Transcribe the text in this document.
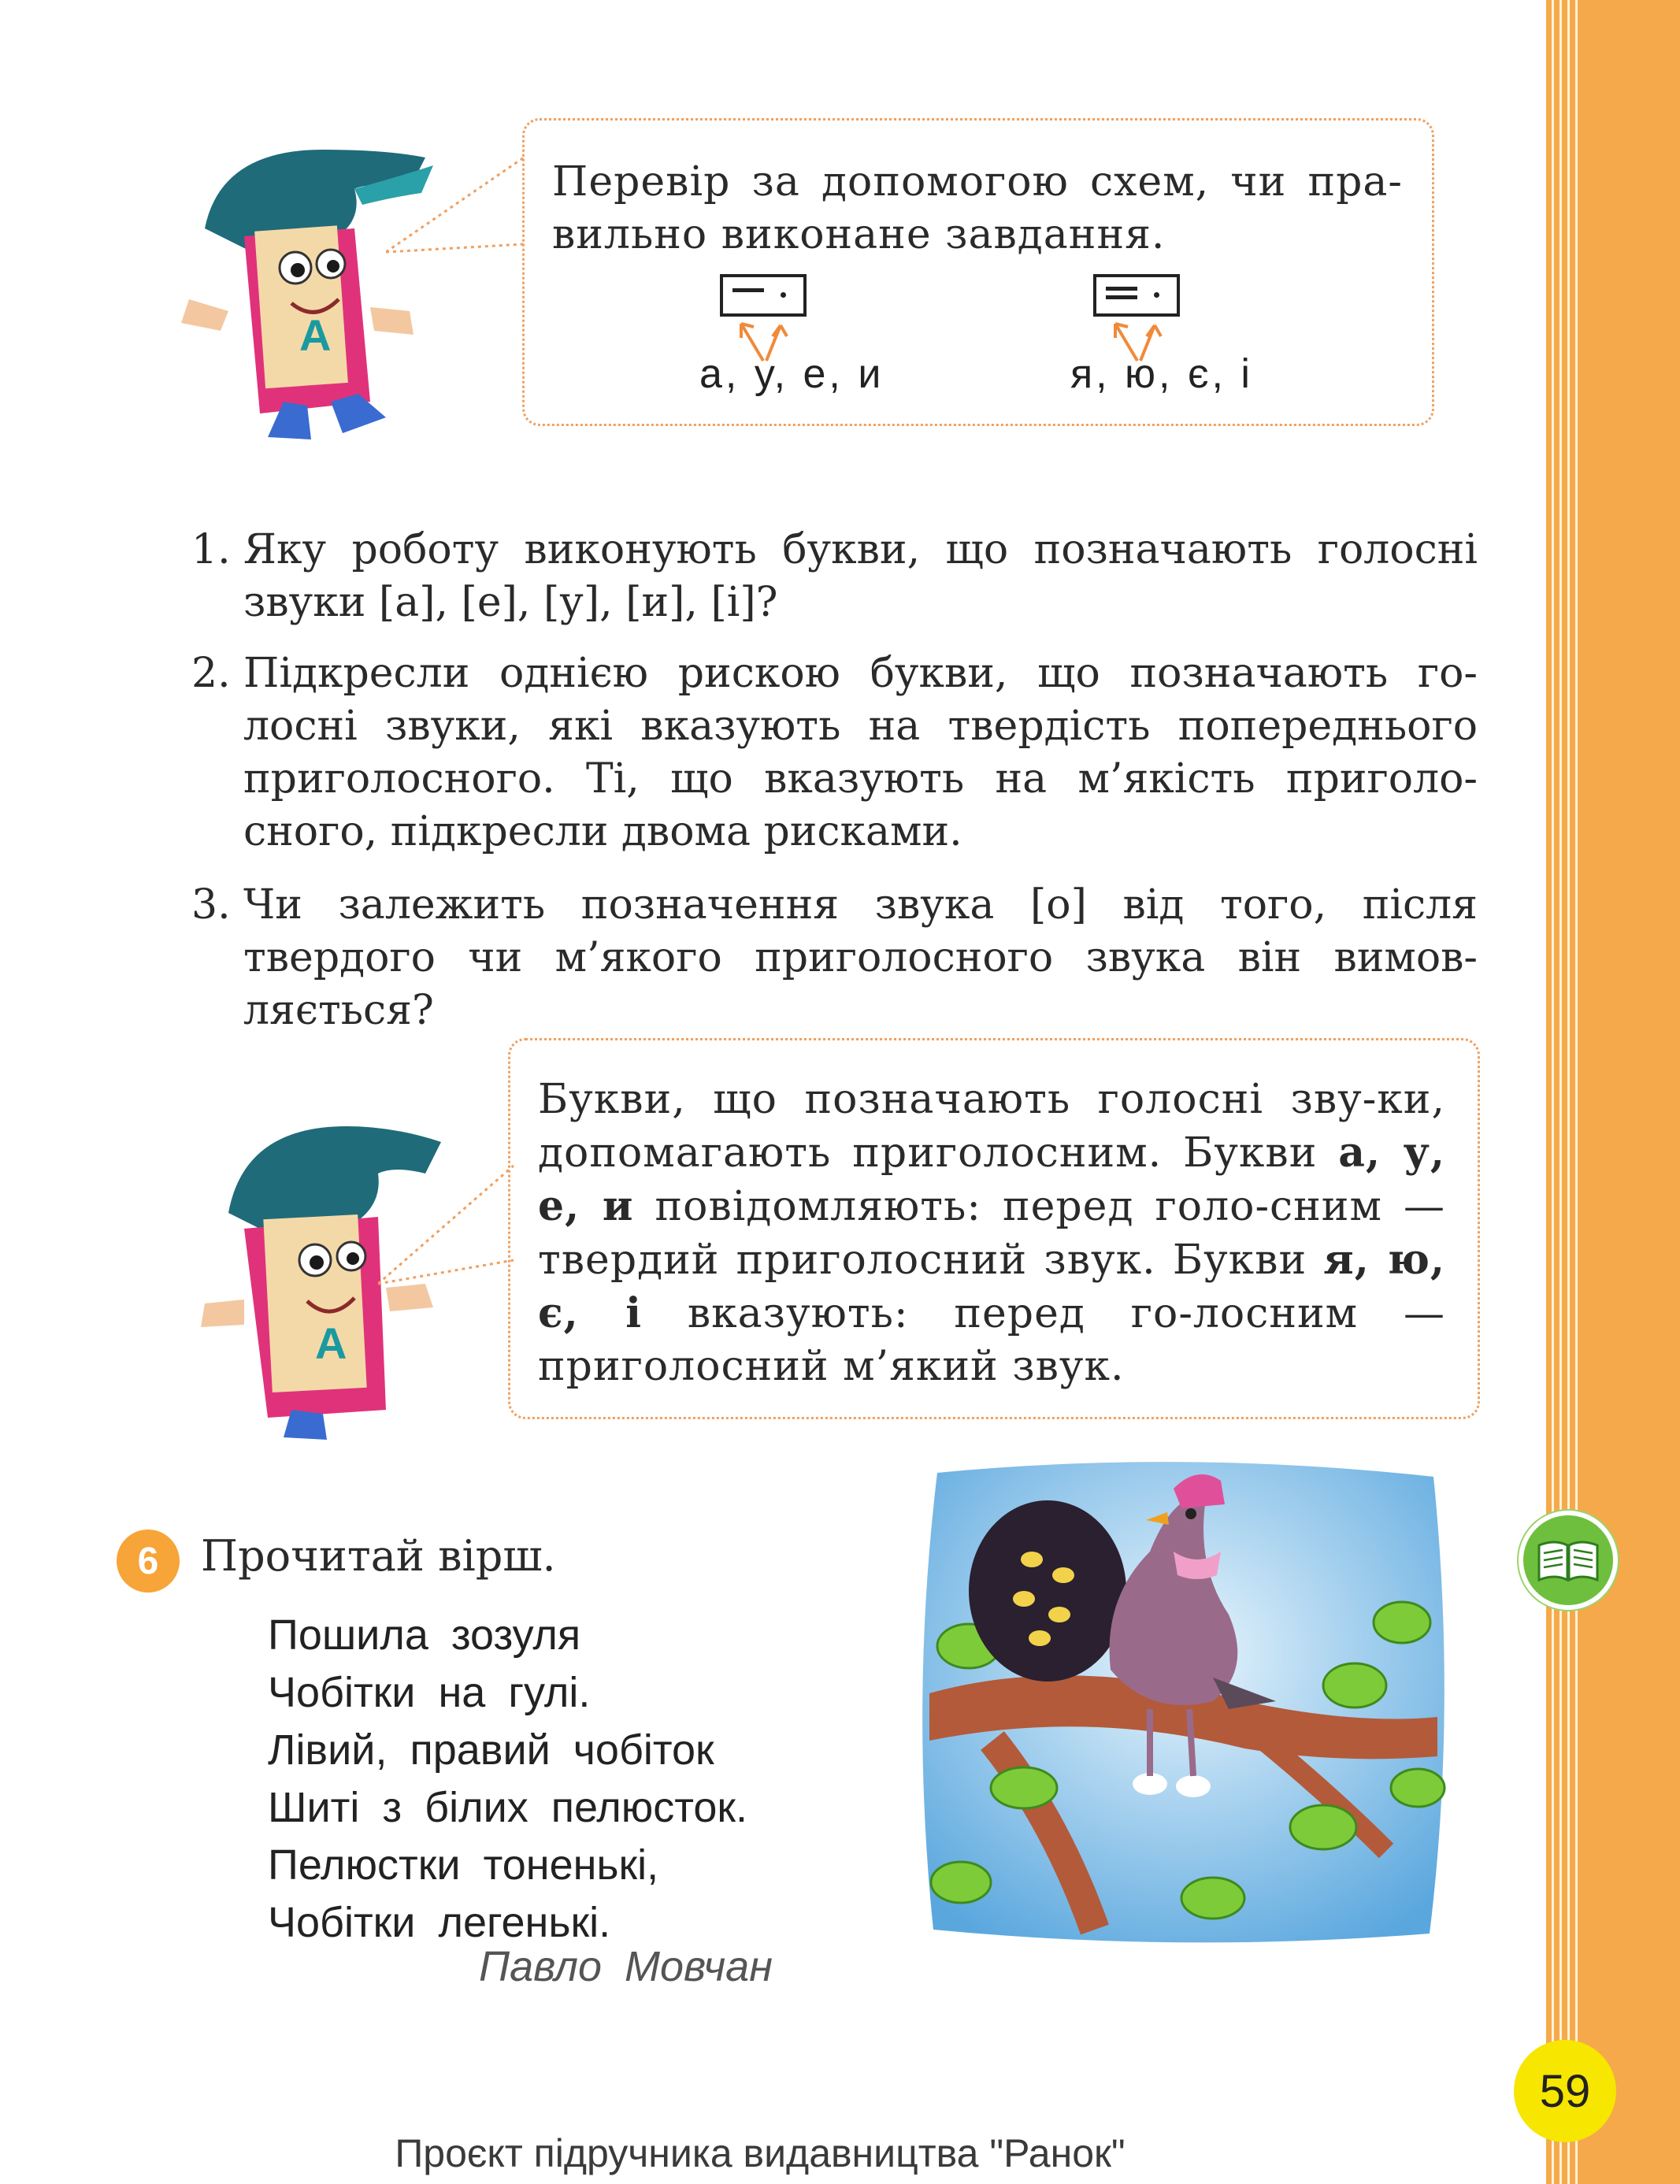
А

Перевір за допомогою схем, чи пра-вильно виконане завдання.

а, у, е, и	я, ю, є, і
1. Яку роботу виконують букви, що позначають голосні звуки [а], [е], [у], [и], [і]?
2. Підкресли однією рискою букви, що позначають го-лосні звуки, які вказують на твердість попереднього приголосного. Ті, що вказують на м’якість приголо-сного, підкресли двома рисками.
3. Чи залежить позначення звука [о] від того, після твердого чи м’якого приголосного звука він вимов-ляється?
А

Букви, що позначають голосні зву-ки, допомагають приголосним. Букви а, у, е, и повідомляють: перед голо-сним — твердий приголосний звук. Букви я, ю, є, і вказують: перед го-лосним — приголосний м’який звук.

6 Прочитай вірш.
Пошила зозуля
Чобітки на гулі.
Лівий, правий чобіток
Шиті з білих пелюсток.
Пелюстки тоненькі,
Чобітки легенькі.
Павло Мовчан
59
Проєкт підручника видавництва "Ранок"
